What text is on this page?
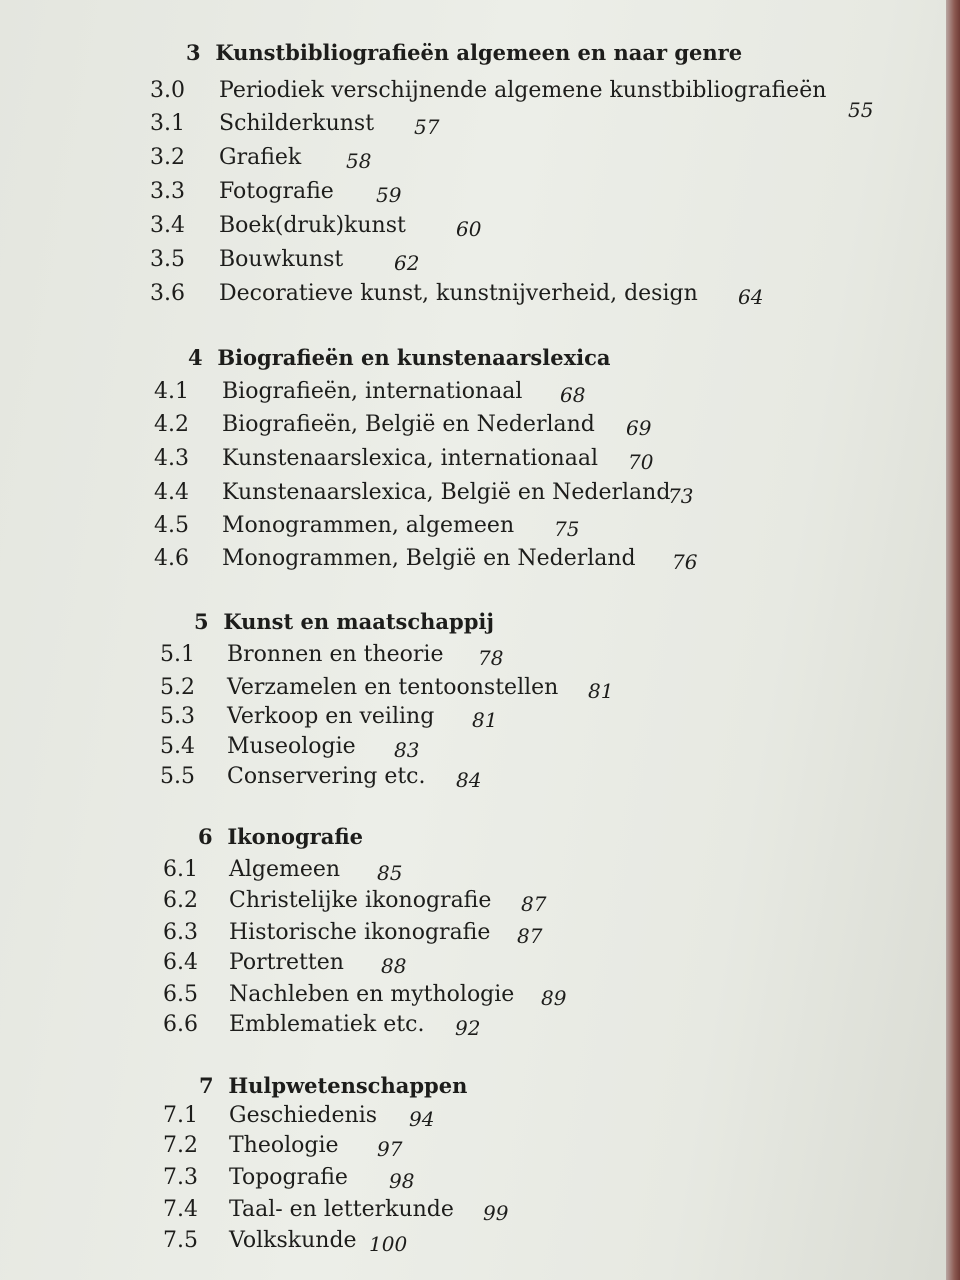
3 Kunstbibliografieën algemeen en naar genre
3.0 Periodiek verschijnende algemene kunstbibliografieën
55
3.1 Schilderkunst 57
3.2 Grafiek 58
3.3 Fotografie 59
3.4 Boek(druk)kunst	60
3.5 Bouwkunst	62
3.6 Decoratieve kunst, kunstnijverheid, design 64
4 Biografieën en kunstenaarslexica
4.1 Biografieën, internationaal 68
4.2 Biografieën, België en Nederland 69
4.3 Kunstenaarslexica, internationaal 70
4.4 Kunstenaarslexica, België en Nederland
73
4.5 Monogrammen, algemeen 75
4.6 Monogrammen, België en Nederland 76
5 Kunst en maatschappij
5.1 Bronnen en theorie 78
5.2 Verzamelen en tentoonstellen 81
5.3 Verkoop en veiling 81
5.4 Museologie 83
5.5 Conservering etc. 84
6 Ikonografie
6.1 Algemeen 85
6.2 Christelijke ikonografie 87
6.3 Historische ikonografie 87
6.4 Portretten 88
6.5 Nachleben en mythologie 89
6.6 Emblematiek etc. 92
7 Hulpwetenschappen
7.1 Geschiedenis 94
7.2 Theologie 97
7.3 Topografie 98
7.4 Taal- en letterkunde 99
7.5 Volkskunde 100
